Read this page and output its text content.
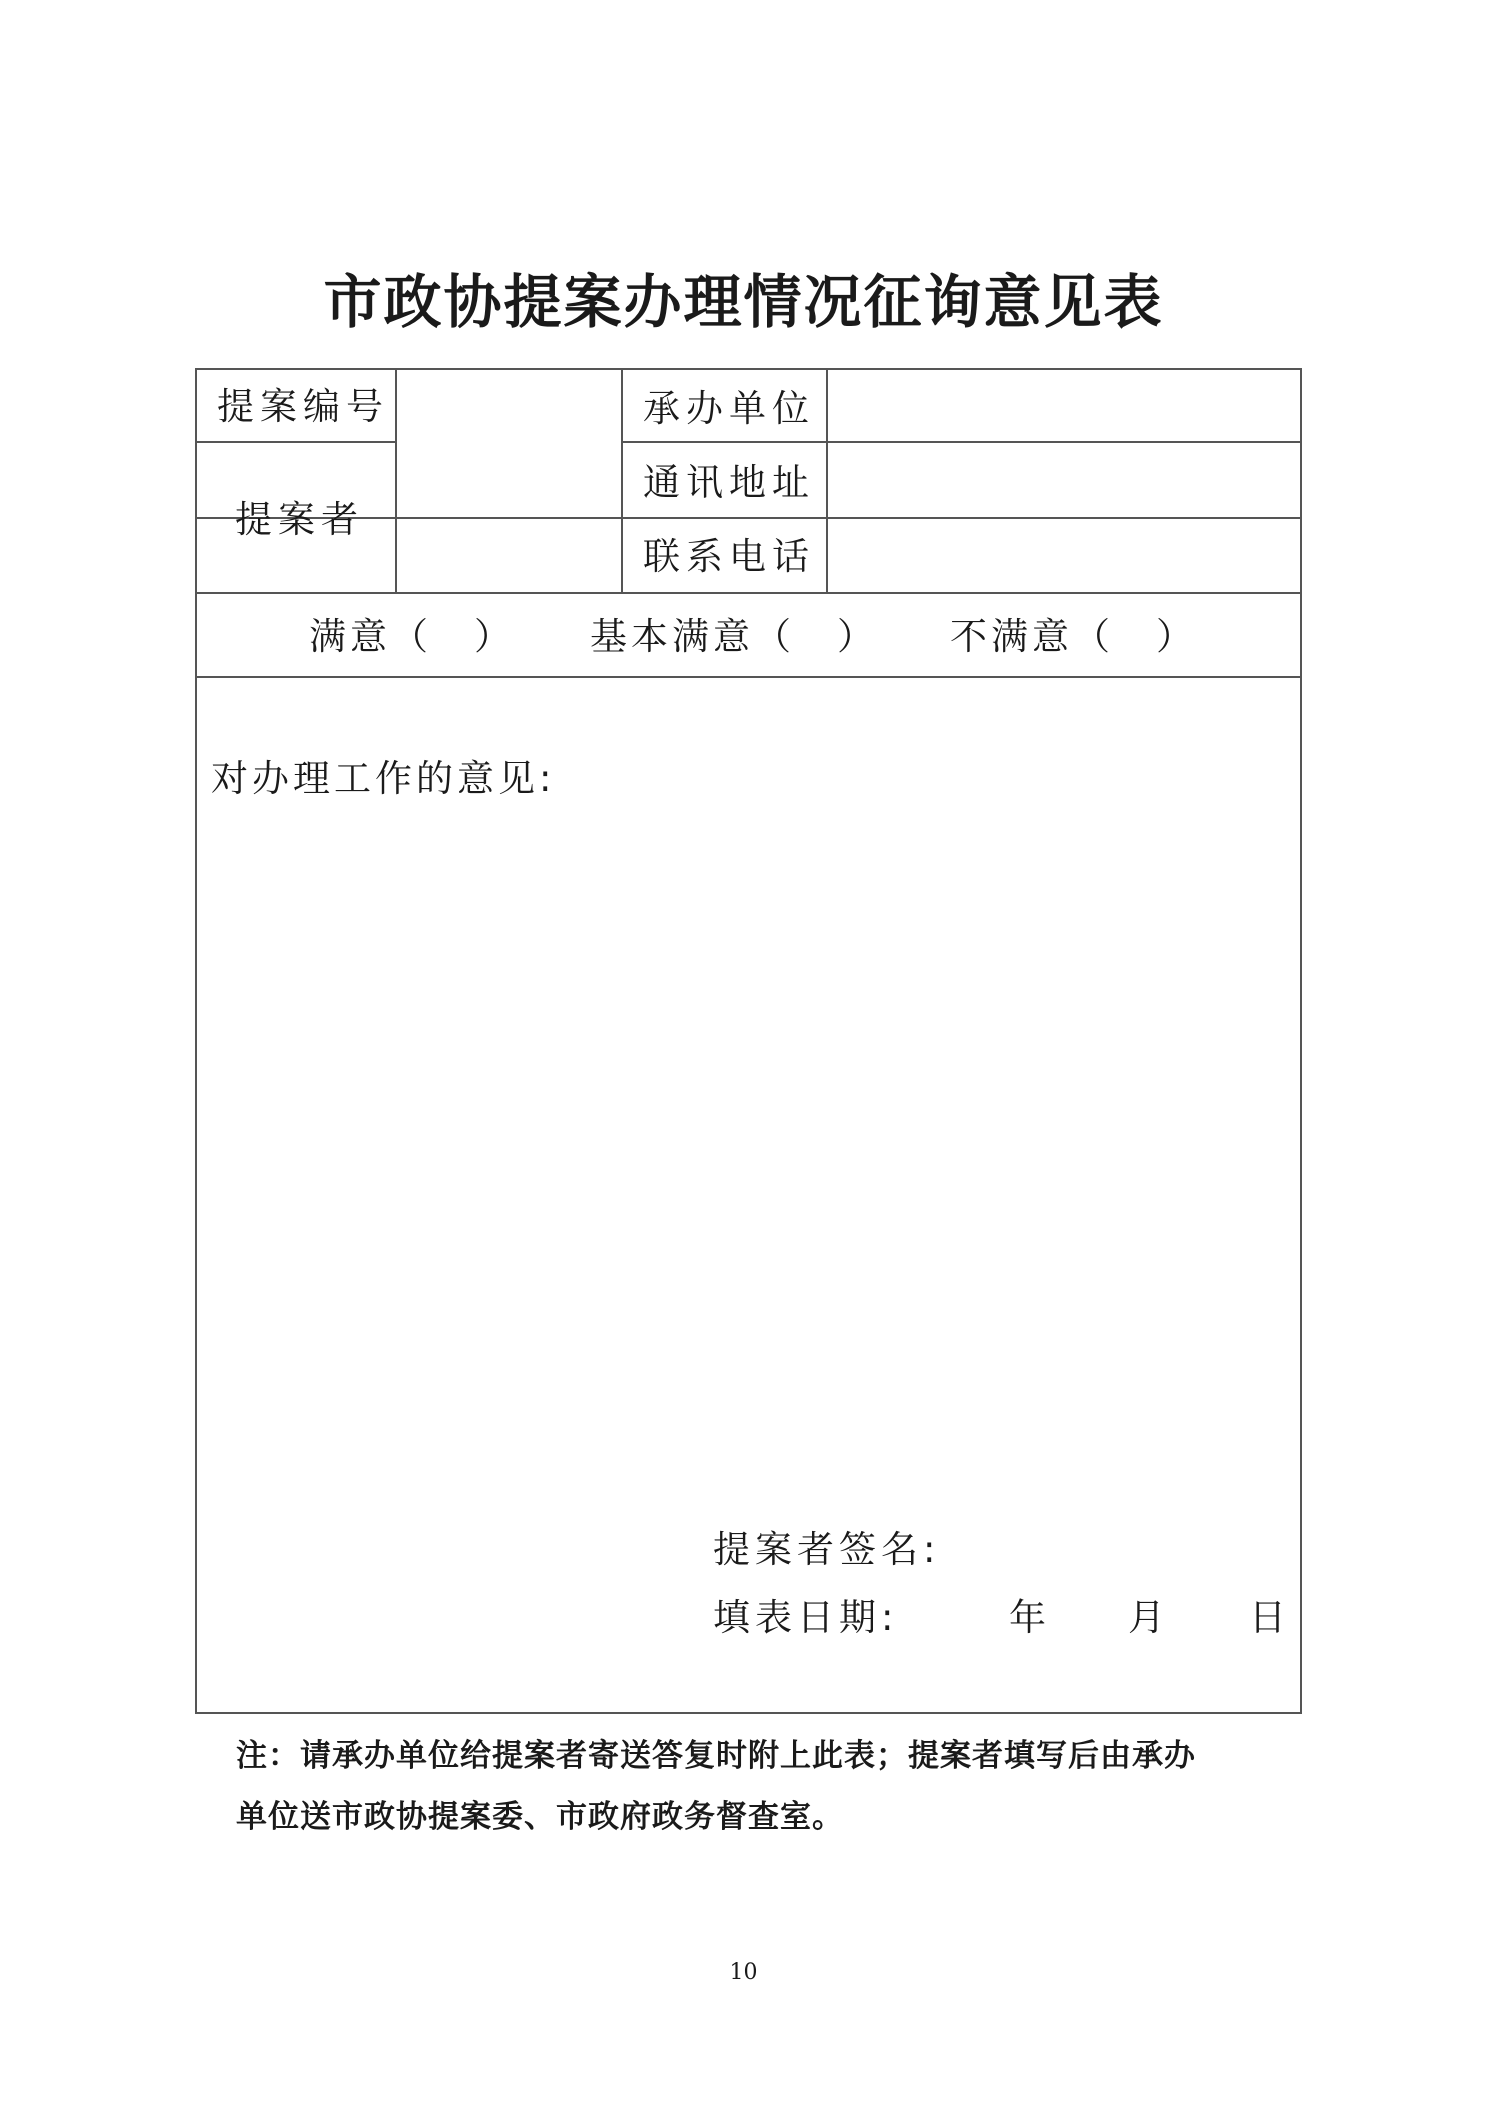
市政协提案办理情况征询意见表
提案编号	承办单位
提案者
通讯地址
联系电话
满意（ ） 基本满意（ ） 不满意（ ）
对办理工作的意见:
提案者签名:
填表日期:	年 月 日
注：请承办单位给提案者寄送答复时附上此表；提案者填写后由承办
单位送市政协提案委、市政府政务督查室。
10
